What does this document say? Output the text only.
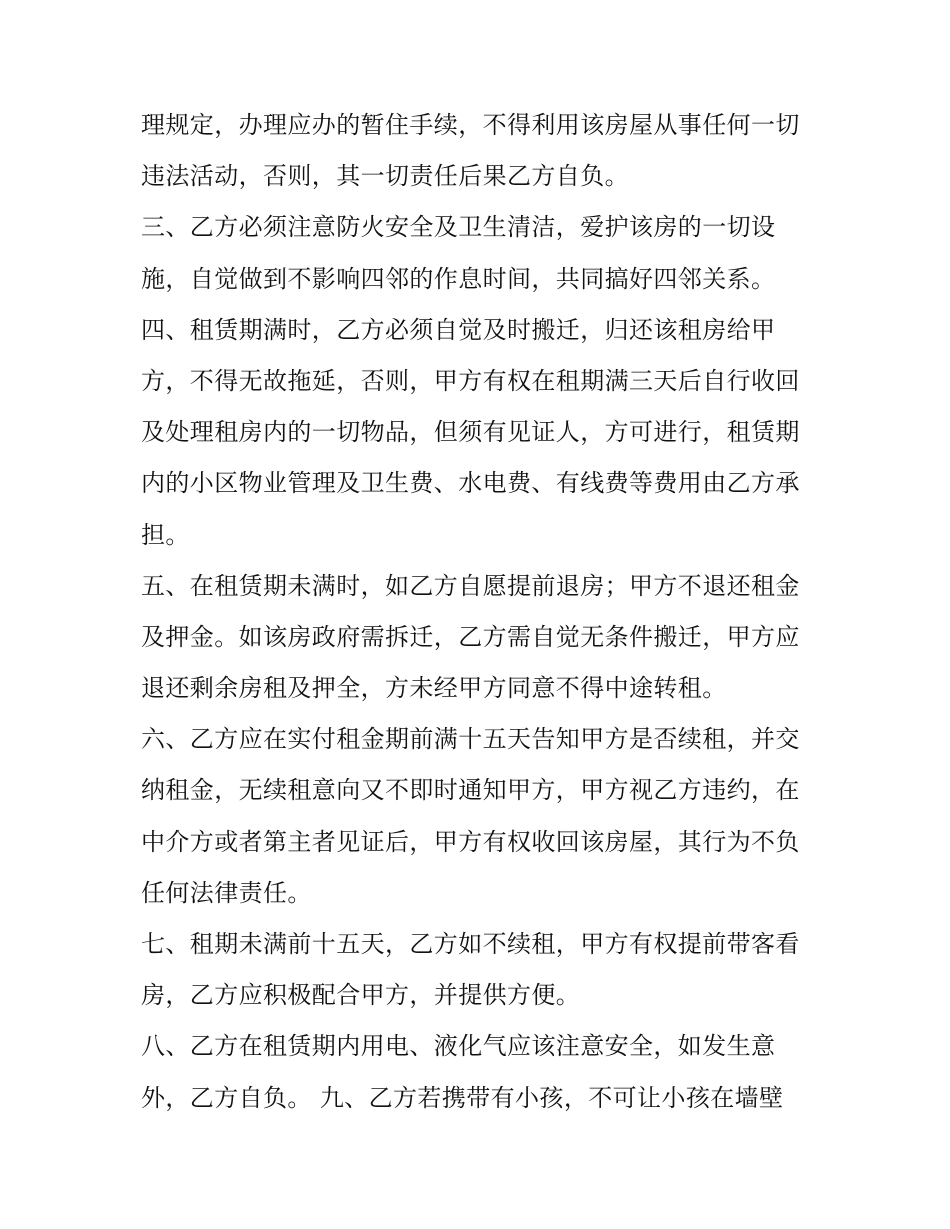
理规定，办理应办的暂住手续，不得利用该房屋从事任何一切
违法活动，否则，其一切责任后果乙方自负。
三、乙方必须注意防火安全及卫生清洁，爱护该房的一切设
施，自觉做到不影响四邻的作息时间，共同搞好四邻关系。
四、租赁期满时，乙方必须自觉及时搬迁，归还该租房给甲
方，不得无故拖延，否则，甲方有权在租期满三天后自行收回
及处理租房内的一切物品，但须有见证人，方可进行，租赁期
内的小区物业管理及卫生费、水电费、有线费等费用由乙方承
担。
五、在租赁期未满时，如乙方自愿提前退房；甲方不退还租金
及押金。如该房政府需拆迁，乙方需自觉无条件搬迁，甲方应
退还剩余房租及押全，方未经甲方同意不得中途转租。
六、乙方应在实付租金期前满十五天告知甲方是否续租，并交
纳租金，无续租意向又不即时通知甲方，甲方视乙方违约，在
中介方或者第主者见证后，甲方有权收回该房屋，其行为不负
任何法律责任。
七、租期未满前十五天，乙方如不续租，甲方有权提前带客看
房，乙方应积极配合甲方，并提供方便。
八、乙方在租赁期内用电、液化气应该注意安全，如发生意
外，乙方自负。 九、乙方若携带有小孩，不可让小孩在墙壁
